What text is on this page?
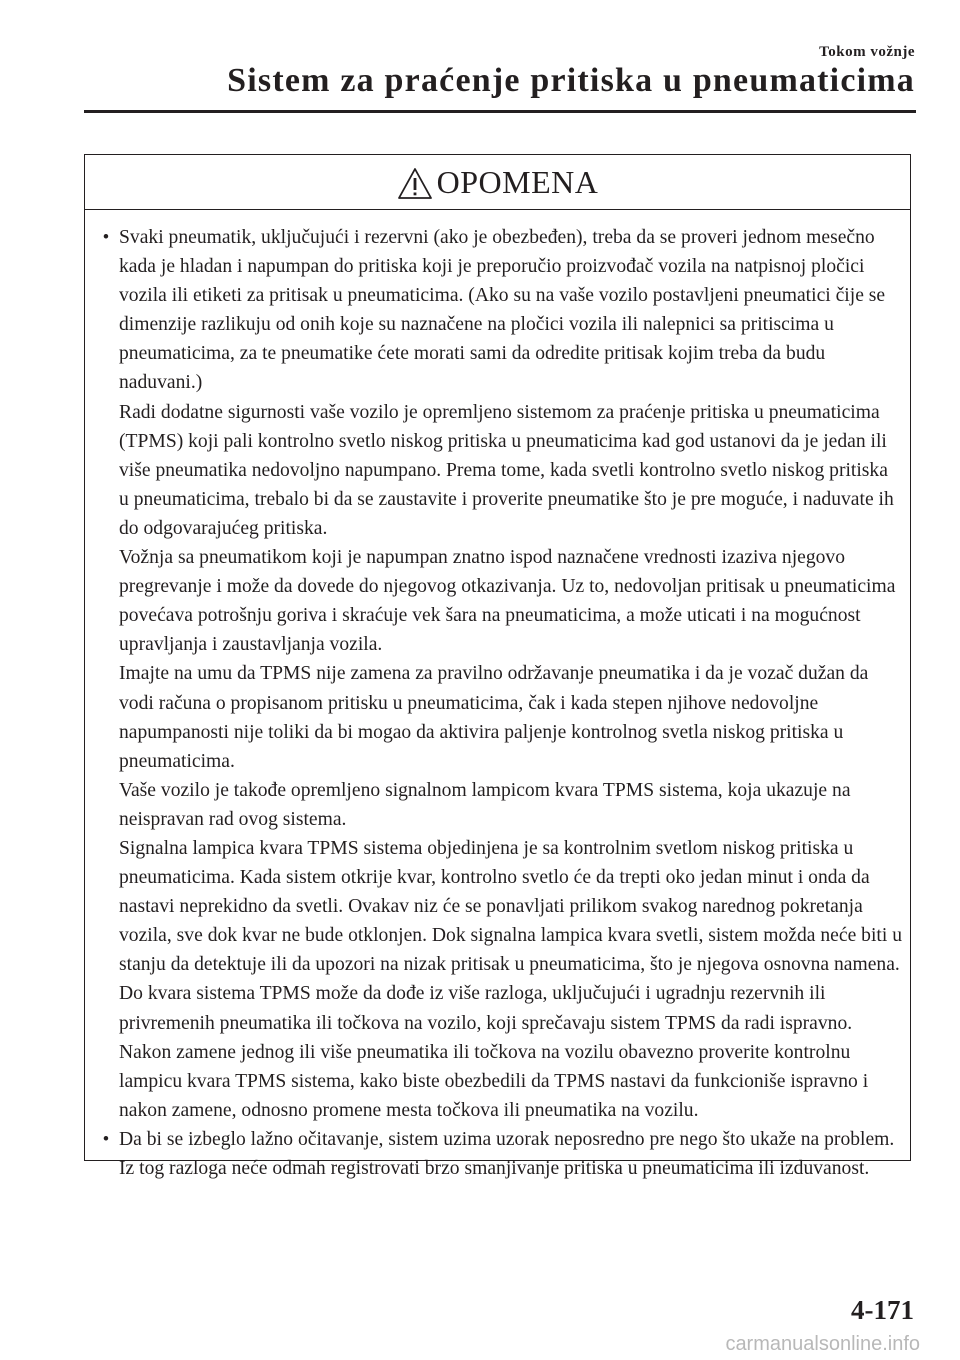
Tokom vožnje
Sistem za praćenje pritiska u pneumaticima
OPOMENA
• Svaki pneumatik, uključujući i rezervni (ako je obezbeđen), treba da se proveri jednom mesečno kada je hladan i napumpan do pritiska koji je preporučio proizvođač vozila na natpisnoj pločici vozila ili etiketi za pritisak u pneumaticima. (Ako su na vaše vozilo postavljeni pneumatici čije se dimenzije razlikuju od onih koje su naznačene na pločici vozila ili nalepnici sa pritiscima u pneumaticima, za te pneumatike ćete morati sami da odredite pritisak kojim treba da budu naduvani.)

Radi dodatne sigurnosti vaše vozilo je opremljeno sistemom za praćenje pritiska u pneumaticima (TPMS) koji pali kontrolno svetlo niskog pritiska u pneumaticima kad god ustanovi da je jedan ili više pneumatika nedovoljno napumpano. Prema tome, kada svetli kontrolno svetlo niskog pritiska u pneumaticima, trebalo bi da se zaustavite i proverite pneumatike što je pre moguće, i naduvate ih do odgovarajućeg pritiska.

Vožnja sa pneumatikom koji je napumpan znatno ispod naznačene vrednosti izaziva njegovo pregrevanje i može da dovede do njegovog otkazivanja. Uz to, nedovoljan pritisak u pneumaticima povećava potrošnju goriva i skraćuje vek šara na pneumaticima, a može uticati i na mogućnost upravljanja i zaustavljanja vozila.

Imajte na umu da TPMS nije zamena za pravilno održavanje pneumatika i da je vozač dužan da vodi računa o propisanom pritisku u pneumaticima, čak i kada stepen njihove nedovoljne napumpanosti nije toliki da bi mogao da aktivira paljenje kontrolnog svetla niskog pritiska u pneumaticima.

Vaše vozilo je takođe opremljeno signalnom lampicom kvara TPMS sistema, koja ukazuje na neispravan rad ovog sistema.

Signalna lampica kvara TPMS sistema objedinjena je sa kontrolnim svetlom niskog pritiska u pneumaticima. Kada sistem otkrije kvar, kontrolno svetlo će da trepti oko jedan minut i onda da nastavi neprekidno da svetli. Ovakav niz će se ponavljati prilikom svakog narednog pokretanja vozila, sve dok kvar ne bude otklonjen. Dok signalna lampica kvara svetli, sistem možda neće biti u stanju da detektuje ili da upozori na nizak pritisak u pneumaticima, što je njegova osnovna namena. Do kvara sistema TPMS može da dođe iz više razloga, uključujući i ugradnju rezervnih ili privremenih pneumatika ili točkova na vozilo, koji sprečavaju sistem TPMS da radi ispravno. Nakon zamene jednog ili više pneumatika ili točkova na vozilu obavezno proverite kontrolnu lampicu kvara TPMS sistema, kako biste obezbedili da TPMS nastavi da funkcioniše ispravno i nakon zamene, odnosno promene mesta točkova ili pneumatika na vozilu.

• Da bi se izbeglo lažno očitavanje, sistem uzima uzorak neposredno pre nego što ukaže na problem. Iz tog razloga neće odmah registrovati brzo smanjivanje pritiska u pneumaticima ili izduvanost.

4-171
carmanualsonline.info
